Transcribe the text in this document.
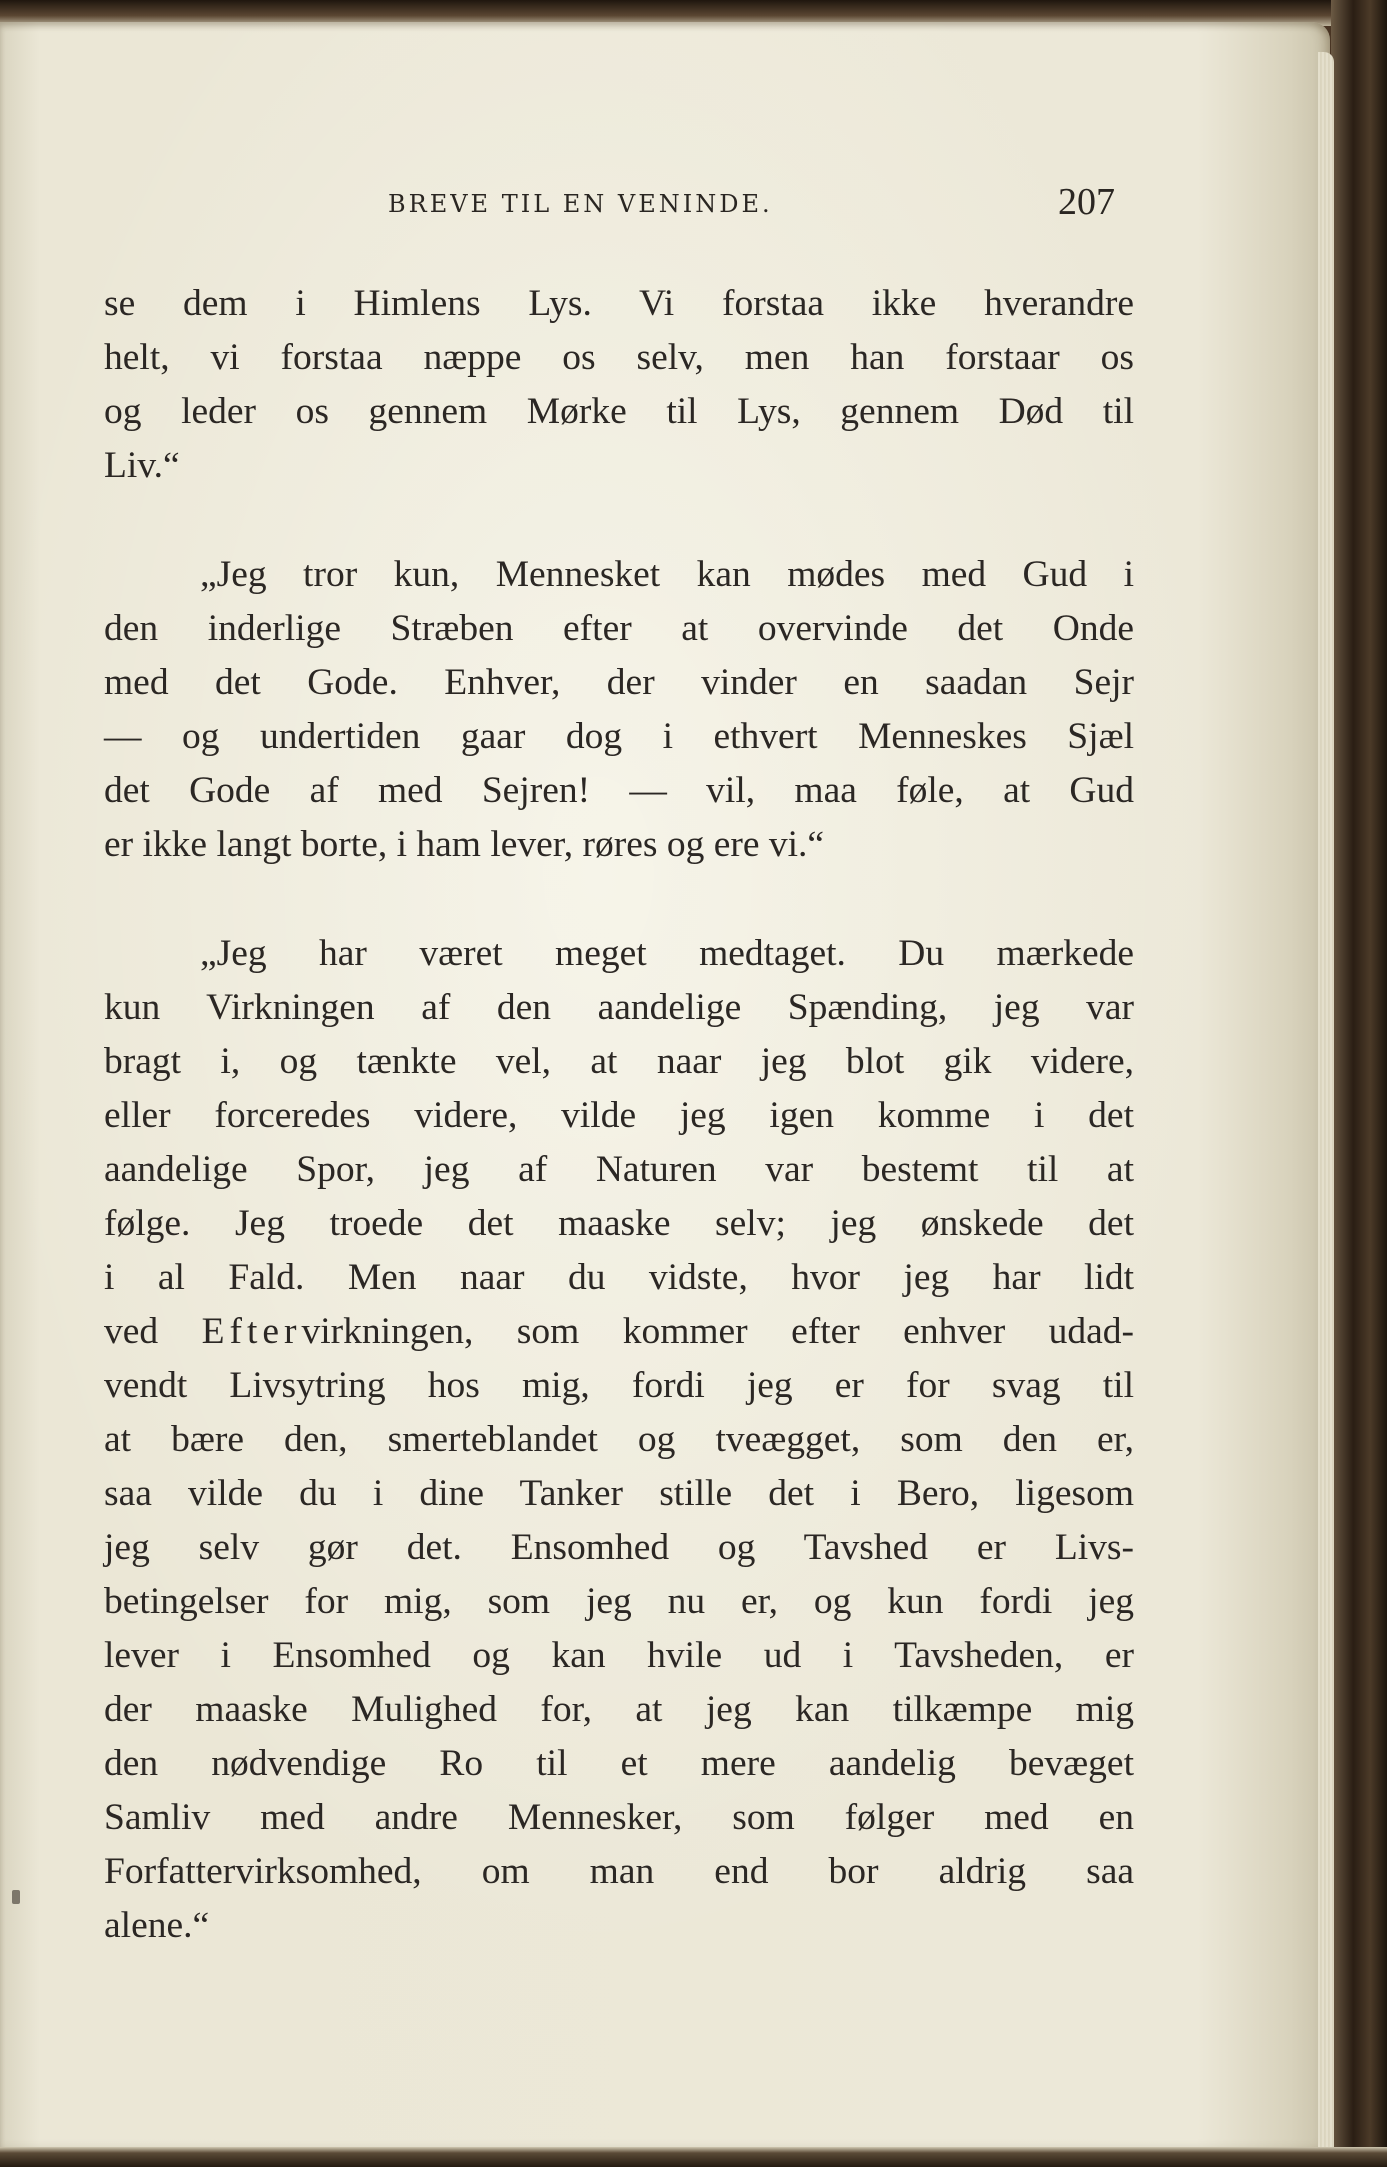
BREVE TIL EN VENINDE.	207
se dem i Himlens Lys. Vi forstaa ikke hverandre
helt, vi forstaa næppe os selv, men han forstaar os
og leder os gennem Mørke til Lys, gennem Død til
Liv.“
„Jeg tror kun, Mennesket kan mødes med Gud i
den inderlige Stræben efter at overvinde det Onde
med det Gode. Enhver, der vinder en saadan Sejr
— og undertiden gaar dog i ethvert Menneskes Sjæl
det Gode af med Sejren! — vil, maa føle, at Gud
er ikke langt borte, i ham lever, røres og ere vi.“
„Jeg har været meget medtaget. Du mærkede
kun Virkningen af den aandelige Spænding, jeg var
bragt i, og tænkte vel, at naar jeg blot gik videre,
eller forceredes videre, vilde jeg igen komme i det
aandelige Spor, jeg af Naturen var bestemt til at
følge. Jeg troede det maaske selv; jeg ønskede det
i al Fald. Men naar du vidste, hvor jeg har lidt
ved Eftervirkningen, som kommer efter enhver udad-
vendt Livsytring hos mig, fordi jeg er for svag til
at bære den, smerteblandet og tveægget, som den er,
saa vilde du i dine Tanker stille det i Bero, ligesom
jeg selv gør det. Ensomhed og Tavshed er Livs-
betingelser for mig, som jeg nu er, og kun fordi jeg
lever i Ensomhed og kan hvile ud i Tavsheden, er
der maaske Mulighed for, at jeg kan tilkæmpe mig
den nødvendige Ro til et mere aandelig bevæget
Samliv med andre Mennesker, som følger med en
Forfattervirksomhed, om man end bor aldrig saa
alene.“
